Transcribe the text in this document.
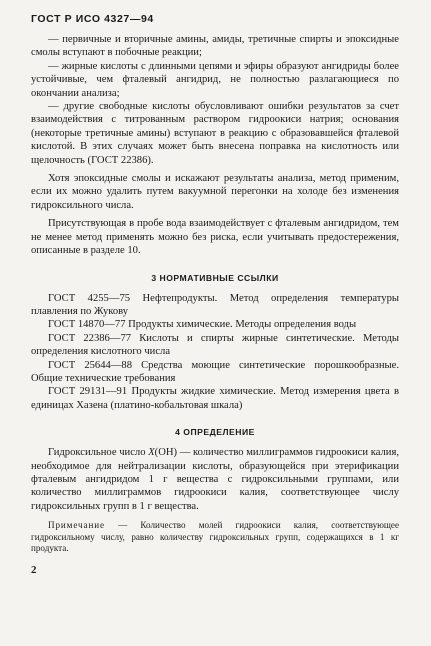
ГОСТ Р ИСО 4327—94

— первичные и вторичные амины, амиды, третичные спирты и эпоксидные смолы вступают в побочные реакции;

— жирные кислоты с длинными цепями и эфиры образуют ангидриды более устойчивые, чем фталевый ангидрид, не полностью разлагающиеся по окончании анализа;

— другие свободные кислоты обусловливают ошибки результатов за счет взаимодействия с титрованным раствором гидроокиси натрия; основания (некоторые третичные амины) вступают в реакцию с образовавшейся фталевой кислотой. В этих случаях может быть внесена поправка на кислотность или щелочность (ГОСТ 22386).

Хотя эпоксидные смолы и искажают результаты анализа, метод применим, если их можно удалить путем вакуумной перегонки на холоде без изменения гидроксильного числа.

Присутствующая в пробе вода взаимодействует с фталевым ангидридом, тем не менее метод применять можно без риска, если учитывать предостережения, описанные в разделе 10.

3 НОРМАТИВНЫЕ ССЫЛКИ

ГОСТ 4255—75 Нефтепродукты. Метод определения температуры плавления по Жукову

ГОСТ 14870—77 Продукты химические. Методы определения воды

ГОСТ 22386—77 Кислоты и спирты жирные синтетические. Методы определения кислотного числа

ГОСТ 25644—88 Средства моющие синтетические порошкообразные. Общие технические требования

ГОСТ 29131—91 Продукты жидкие химические. Метод измерения цвета в единицах Хазена (платино-кобальтовая шкала)

4 ОПРЕДЕЛЕНИЕ

Гидроксильное число X(OH) — количество миллиграммов гидроокиси калия, необходимое для нейтрализации кислоты, образующейся при этерификации фталевым ангидридом 1 г вещества с гидроксильными группами, или количество миллиграммов гидроокиси калия, соответствующее числу гидроксильных групп в 1 г вещества.

Примечание — Количество молей гидроокиси калия, соответствующее гидроксильному числу, равно количеству гидроксильных групп, содержащихся в 1 кг продукта.

2
